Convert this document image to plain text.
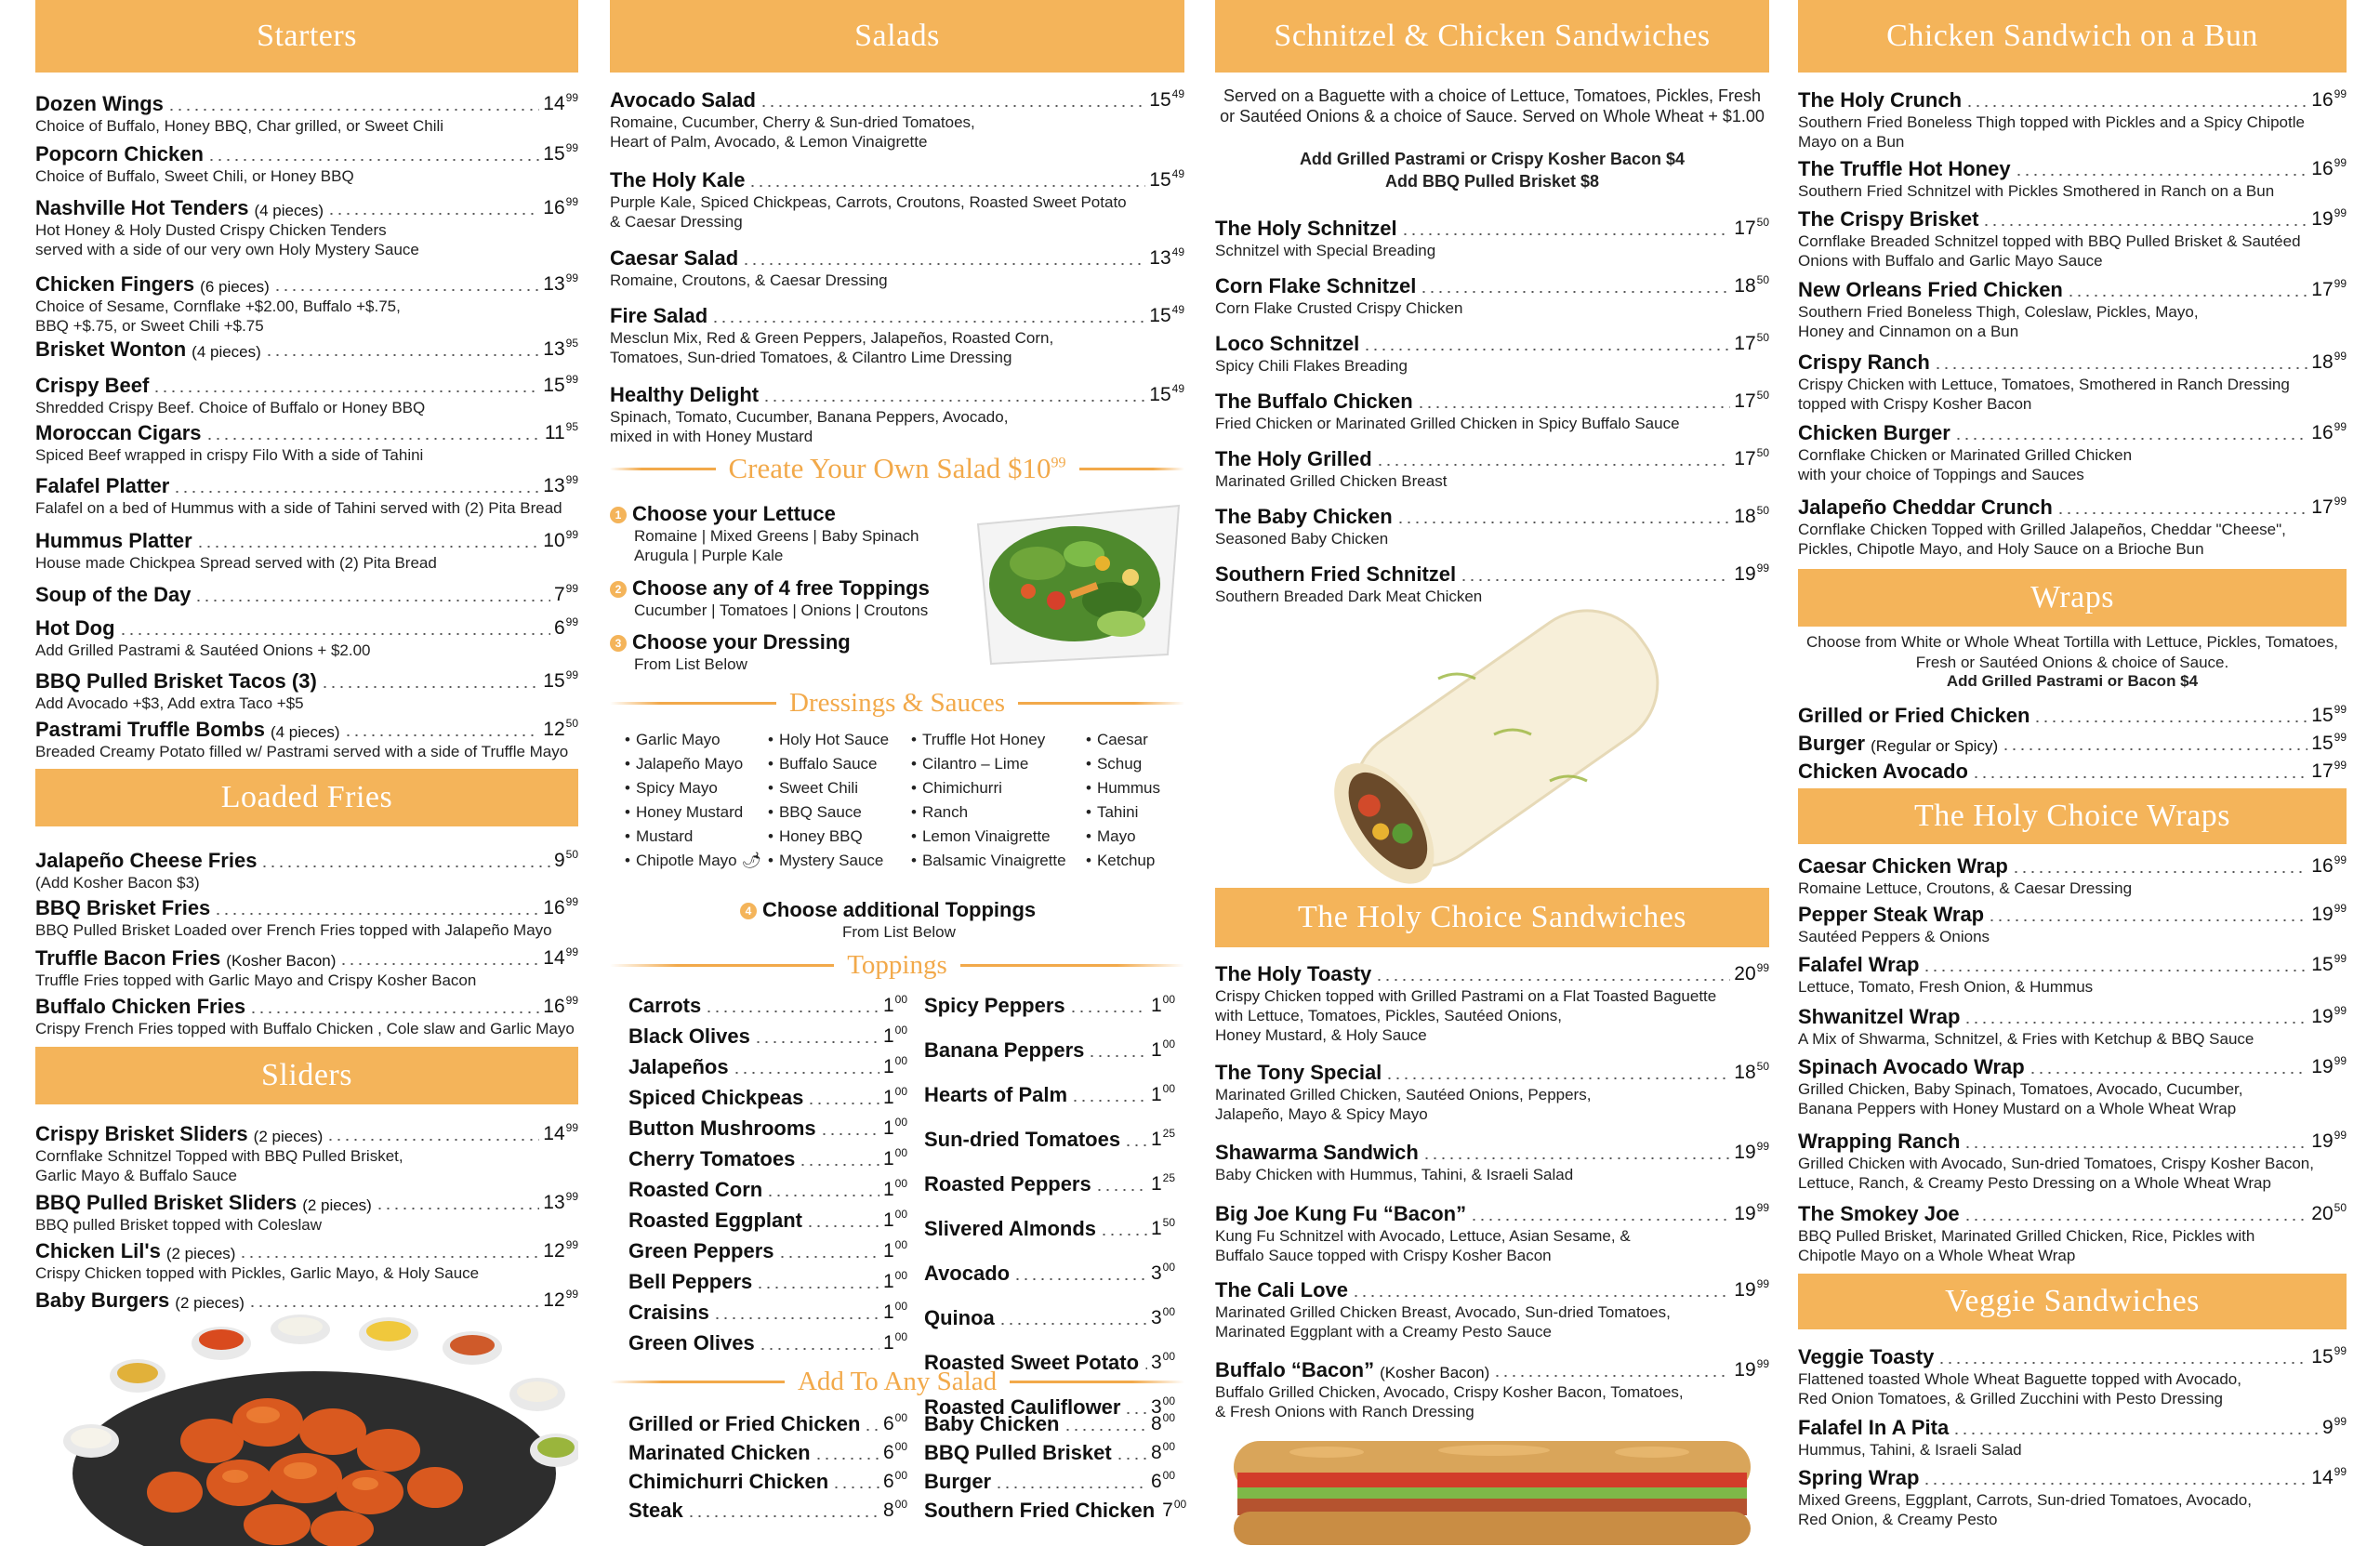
Starters
Dozen Wings	$14^{99}$
Choice of Buffalo, Honey BBQ, Char grilled, or Sweet Chili
Popcorn Chicken	$15^{99}$
Choice of Buffalo, Sweet Chili, or Honey BBQ
Nashville Hot Tenders (4 pieces)	$16^{99}$
Hot Honey & Holy Dusted Crispy Chicken Tenders
served with a side of our very own Holy Mystery Sauce
Chicken Fingers (6 pieces)	$13^{99}$
Choice of Sesame, Cornflake +$2.00, Buffalo +$.75,
BBQ +$.75, or Sweet Chili +$.75
Brisket Wonton (4 pieces)	$13^{95}$
Crispy Beef	$15^{99}$
Shredded Crispy Beef. Choice of Buffalo or Honey BBQ
Moroccan Cigars	$11^{95}$
Spiced Beef wrapped in crispy Filo With a side of Tahini
Falafel Platter	$13^{99}$
Falafel on a bed of Hummus with a side of Tahini served with (2) Pita Bread
Hummus Platter	$10^{99}$
House made Chickpea Spread served with (2) Pita Bread
Soup of the Day	$7^{99}$
Hot Dog	$6^{99}$
Add Grilled Pastrami & Sautéed Onions + $2.00
BBQ Pulled Brisket Tacos (3)	$15^{99}$
Add Avocado +$3, Add extra Taco +$5
Pastrami Truffle Bombs (4 pieces)	$12^{50}$
Breaded Creamy Potato filled w/ Pastrami served with a side of Truffle Mayo
Loaded Fries
Jalapeño Cheese Fries	$9^{50}$
(Add Kosher Bacon $3)
BBQ Brisket Fries	$16^{99}$
BBQ Pulled Brisket Loaded over French Fries topped with Jalapeño Mayo
Truffle Bacon Fries (Kosher Bacon)	$14^{99}$
Truffle Fries topped with Garlic Mayo and Crispy Kosher Bacon
Buffalo Chicken Fries	$16^{99}$
Crispy French Fries topped with Buffalo Chicken , Cole slaw and Garlic Mayo
Sliders
Crispy Brisket Sliders (2 pieces)	$14^{99}$
Cornflake Schnitzel Topped with BBQ Pulled Brisket,
Garlic Mayo & Buffalo Sauce
BBQ Pulled Brisket Sliders (2 pieces)	$13^{99}$
BBQ pulled Brisket topped with Coleslaw
Chicken Lil's (2 pieces)	$12^{99}$
Crispy Chicken topped with Pickles, Garlic Mayo, & Holy Sauce
Baby Burgers (2 pieces)	$12^{99}$
Salads
Avocado Salad	$15^{49}$
Romaine, Cucumber, Cherry & Sun-dried Tomatoes,
Heart of Palm, Avocado, & Lemon Vinaigrette
The Holy Kale	$15^{49}$
Purple Kale, Spiced Chickpeas, Carrots, Croutons, Roasted Sweet Potato
& Caesar Dressing
Caesar Salad	$13^{49}$
Romaine, Croutons, & Caesar Dressing
Fire Salad	$15^{49}$
Mesclun Mix, Red & Green Peppers, Jalapeños, Roasted Corn,
Tomatoes, Sun-dried Tomatoes, & Cilantro Lime Dressing
Healthy Delight	$15^{49}$
Spinach, Tomato, Cucumber, Banana Peppers, Avocado,
mixed in with Honey Mustard
Create Your Own Salad $\$10^{99}$
1 Choose your Lettuce
Romaine | Mixed Greens | Baby Spinach
Arugula | Purple Kale
2 Choose any of 4 free Toppings
Cucumber | Tomatoes | Onions | Croutons
3 Choose your Dressing
From List Below
Dressings & Sauces
• Garlic Mayo	• Holy Hot Sauce	• Truffle Hot Honey	• Caesar
• Jalapeño Mayo	• Buffalo Sauce	• Cilantro – Lime	• Schug
• Spicy Mayo	• Sweet Chili	• Chimichurri	• Hummus
• Honey Mustard	• BBQ Sauce	• Ranch	• Tahini
• Mustard	• Honey BBQ	• Lemon Vinaigrette	• Mayo
• Chipotle Mayo 🌶	• Mystery Sauce	• Balsamic Vinaigrette	• Ketchup
4 Choose additional Toppings
From List Below
Toppings
Carrots	$1^{00}$
Black Olives	$1^{00}$
Jalapeños	$1^{00}$
Spiced Chickpeas	$1^{00}$
Button Mushrooms	$1^{00}$
Cherry Tomatoes	$1^{00}$
Roasted Corn	$1^{00}$
Roasted Eggplant	$1^{00}$
Green Peppers	$1^{00}$
Bell Peppers	$1^{00}$
Craisins	$1^{00}$
Green Olives	$1^{00}$
Spicy Peppers	$1^{00}$
Banana Peppers	$1^{00}$
Hearts of Palm	$1^{00}$
Sun-dried Tomatoes $1^{25}$
Roasted Peppers	$1^{25}$
Slivered Almonds	$1^{50}$
Avocado	$3^{00}$
Quinoa	$3^{00}$
Roasted Sweet Potato $3^{00}$
Roasted Cauliflower $3^{00}$
Add To Any Salad
Grilled or Fried Chicken $6^{00}$
Marinated Chicken	$6^{00}$
Chimichurri Chicken	$6^{00}$
Steak	$8^{00}$
Baby Chicken	$8^{00}$
BBQ Pulled Brisket $8^{00}$
Burger	$6^{00}$
Southern Fried Chicken $7^{00}$
Schnitzel & Chicken Sandwiches
Served on a Baguette with a choice of Lettuce, Tomatoes, Pickles, Fresh or Sautéed Onions & a choice of Sauce. Served on Whole Wheat + $1.00
Add Grilled Pastrami or Crispy Kosher Bacon $4
Add BBQ Pulled Brisket $8
The Holy Schnitzel	$17^{50}$
Schnitzel with Special Breading
Corn Flake Schnitzel	$18^{50}$
Corn Flake Crusted Crispy Chicken
Loco Schnitzel	$17^{50}$
Spicy Chili Flakes Breading
The Buffalo Chicken	$17^{50}$
Fried Chicken or Marinated Grilled Chicken in Spicy Buffalo Sauce
The Holy Grilled	$17^{50}$
Marinated Grilled Chicken Breast
The Baby Chicken	$18^{50}$
Seasoned Baby Chicken
Southern Fried Schnitzel	$19^{99}$
Southern Breaded Dark Meat Chicken
The Holy Choice Sandwiches
The Holy Toasty	$20^{99}$
Crispy Chicken topped with Grilled Pastrami on a Flat Toasted Baguette
with Lettuce, Tomatoes, Pickles, Sautéed Onions,
Honey Mustard, & Holy Sauce
The Tony Special	$18^{50}$
Marinated Grilled Chicken, Sautéed Onions, Peppers,
Jalapeño, Mayo & Spicy Mayo
Shawarma Sandwich	$19^{99}$
Baby Chicken with Hummus, Tahini, & Israeli Salad
Big Joe Kung Fu “Bacon”	$19^{99}$
Kung Fu Schnitzel with Avocado, Lettuce, Asian Sesame, &
Buffalo Sauce topped with Crispy Kosher Bacon
The Cali Love	$19^{99}$
Marinated Grilled Chicken Breast, Avocado, Sun-dried Tomatoes,
Marinated Eggplant with a Creamy Pesto Sauce
Buffalo “Bacon” (Kosher Bacon)	$19^{99}$
Buffalo Grilled Chicken, Avocado, Crispy Kosher Bacon, Tomatoes,
& Fresh Onions with Ranch Dressing
Chicken Sandwich on a Bun
The Holy Crunch	$16^{99}$
Southern Fried Boneless Thigh topped with Pickles and a Spicy Chipotle
Mayo on a Bun
The Truffle Hot Honey	$16^{99}$
Southern Fried Schnitzel with Pickles Smothered in Ranch on a Bun
The Crispy Brisket	$19^{99}$
Cornflake Breaded Schnitzel topped with BBQ Pulled Brisket & Sautéed
Onions with Buffalo and Garlic Mayo Sauce
New Orleans Fried Chicken	$17^{99}$
Southern Fried Boneless Thigh, Coleslaw, Pickles, Mayo,
Honey and Cinnamon on a Bun
Crispy Ranch	$18^{99}$
Crispy Chicken with Lettuce, Tomatoes, Smothered in Ranch Dressing
topped with Crispy Kosher Bacon
Chicken Burger	$16^{99}$
Cornflake Chicken or Marinated Grilled Chicken
with your choice of Toppings and Sauces
Jalapeño Cheddar Crunch	$17^{99}$
Cornflake Chicken Topped with Grilled Jalapeños, Cheddar "Cheese",
Pickles, Chipotle Mayo, and Holy Sauce on a Brioche Bun
Wraps
Choose from White or Whole Wheat Tortilla with Lettuce, Pickles, Tomatoes, Fresh or Sautéed Onions & choice of Sauce.
Add Grilled Pastrami or Bacon $4
Grilled or Fried Chicken	$15^{99}$
Burger (Regular or Spicy)	$15^{99}$
Chicken Avocado	$17^{99}$
The Holy Choice Wraps
Caesar Chicken Wrap	$16^{99}$
Romaine Lettuce, Croutons, & Caesar Dressing
Pepper Steak Wrap	$19^{99}$
Sautéed Peppers & Onions
Falafel Wrap	$15^{99}$
Lettuce, Tomato, Fresh Onion, & Hummus
Shwanitzel Wrap	$19^{99}$
A Mix of Shwarma, Schnitzel, & Fries with Ketchup & BBQ Sauce
Spinach Avocado Wrap	$19^{99}$
Grilled Chicken, Baby Spinach, Tomatoes, Avocado, Cucumber,
Banana Peppers with Honey Mustard on a Whole Wheat Wrap
Wrapping Ranch	$19^{99}$
Grilled Chicken with Avocado, Sun-dried Tomatoes, Crispy Kosher Bacon,
Lettuce, Ranch, & Creamy Pesto Dressing on a Whole Wheat Wrap
The Smokey Joe	$20^{50}$
BBQ Pulled Brisket, Marinated Grilled Chicken, Rice, Pickles with
Chipotle Mayo on a Whole Wheat Wrap
Veggie Sandwiches
Veggie Toasty	$15^{99}$
Flattened toasted Whole Wheat Baguette topped with Avocado,
Red Onion Tomatoes, & Grilled Zucchini with Pesto Dressing
Falafel In A Pita	$9^{99}$
Hummus, Tahini, & Israeli Salad
Spring Wrap	$14^{99}$
Mixed Greens, Eggplant, Carrots, Sun-dried Tomatoes, Avocado,
Red Onion, & Creamy Pesto
